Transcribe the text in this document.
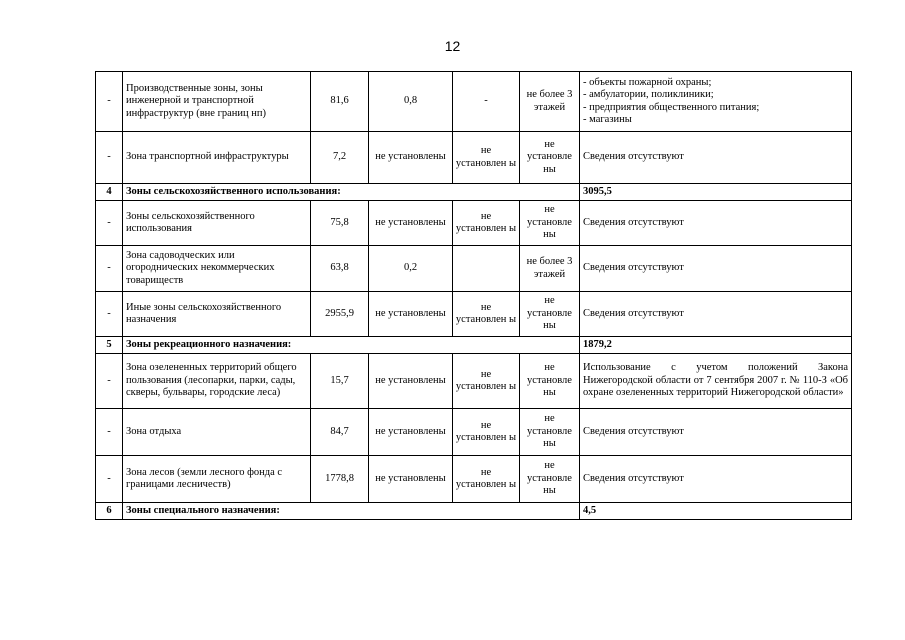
12
-	Производственные зоны, зоны инженерной и транспортной инфраструктур (вне границ нп)	81,6	0,8	-	не более 3 этажей	- объекты пожарной охраны;
- амбулатории, поликлиники;
- предприятия общественного питания;
- магазины
-	Зона транспортной инфраструктуры	7,2	не установлены	не установлен ы	не установле ны	Сведения отсутствуют
4	Зоны сельскохозяйственного использования:					3095,5
-	Зоны сельскохозяйственного использования	75,8	не установлены	не установлен ы	не установле ны	Сведения отсутствуют
-	Зона садоводческих или огороднических некоммерческих товариществ	63,8	0,2		не более 3 этажей	Сведения отсутствуют
-	Иные зоны сельскохозяйственного назначения	2955,9	не установлены	не установлен ы	не установле ны	Сведения отсутствуют
5	Зоны рекреационного назначения:					1879,2
-	Зона озелененных территорий общего пользования (лесопарки, парки, сады, скверы, бульвары, городские леса)	15,7	не установлены	не установлен ы	не установле ны	Использование с учетом положений Закона Нижегородской области от 7 сентября 2007 г. № 110-З «Об охране озелененных территорий Нижегородской области»
-	Зона отдыха	84,7	не установлены	не установлен ы	не установле ны	Сведения отсутствуют
-	Зона лесов (земли лесного фонда с границами лесничеств)	1778,8	не установлены	не установлен ы	не установле ны	Сведения отсутствуют
6	Зоны специального назначения:					4,5
